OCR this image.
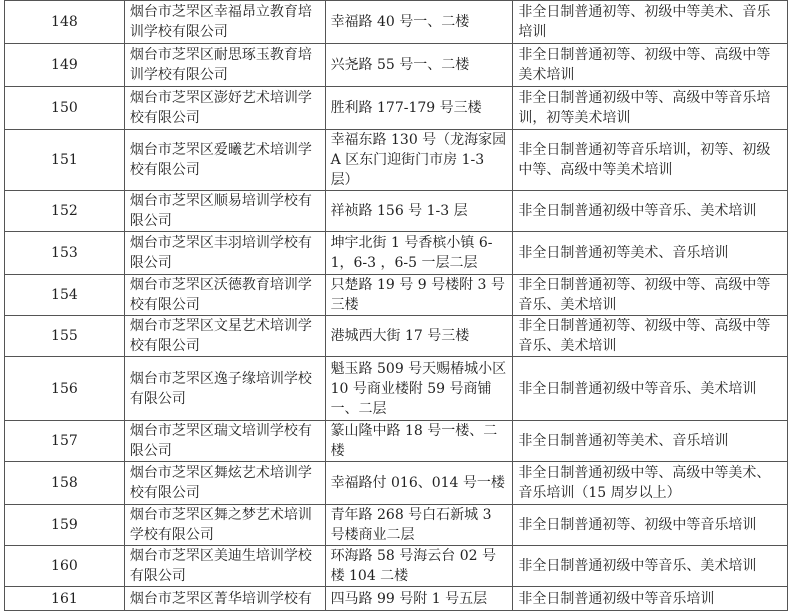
148	烟台市芝罘区幸福昂立教育培训学校有限公司	幸福路 40 号一、二楼	非全日制普通初等、初级中等美术、音乐培训
149	烟台市芝罘区耐思琢玉教育培训学校有限公司	兴尧路 55 号一、二楼	非全日制普通初等、初级中等、高级中等美术培训
150	烟台市芝罘区澎妤艺术培训学校有限公司	胜利路 177-179 号三楼	非全日制普通初级中等、高级中等音乐培训，初等美术培训
151	烟台市芝罘区爱曦艺术培训学校有限公司	幸福东路 130 号（龙海家园 A 区东门迎街门市房 1-3 层）	非全日制普通初等音乐培训，初等、初级中等、高级中等美术培训
152	烟台市芝罘区顺易培训学校有限公司	祥祯路 156 号 1-3 层	非全日制普通初级中等音乐、美术培训
153	烟台市芝罘区丰羽培训学校有限公司	坤宇北街 1 号香槟小镇 6-1，6-3 ，6-5 一层二层	非全日制普通初等美术、音乐培训
154	烟台市芝罘区沃德教育培训学校有限公司	只楚路 19 号 9 号楼附 3 号三楼	非全日制普通初等、初级中等、高级中等音乐、美术培训
155	烟台市芝罘区文星艺术培训学校有限公司	港城西大街 17 号三楼	非全日制普通初等、初级中等、高级中等音乐、美术培训
156	烟台市芝罘区逸子缘培训学校有限公司	魁玉路 509 号天赐椿城小区 10 号商业楼附 59 号商铺一、二层	非全日制普通初级中等音乐、美术培训
157	烟台市芝罘区瑞文培训学校有限公司	篆山隆中路 18 号一楼、二楼	非全日制普通初等美术、音乐培训
158	烟台市芝罘区舞炫艺术培训学校有限公司	幸福路付 016、014 号一楼	非全日制普通初级中等、高级中等美术、音乐培训（15 周岁以上）
159	烟台市芝罘区舞之梦艺术培训学校有限公司	青年路 268 号白石新城 3 号楼商业二层	非全日制普通初等、初级中等音乐培训
160	烟台市芝罘区美迪生培训学校有限公司	环海路 58 号海云台 02 号楼 104 二楼	非全日制普通初级中等音乐、美术培训
161	烟台市芝罘区菁华培训学校有	四马路 99 号附 1 号五层	非全日制普通初级中等音乐培训
